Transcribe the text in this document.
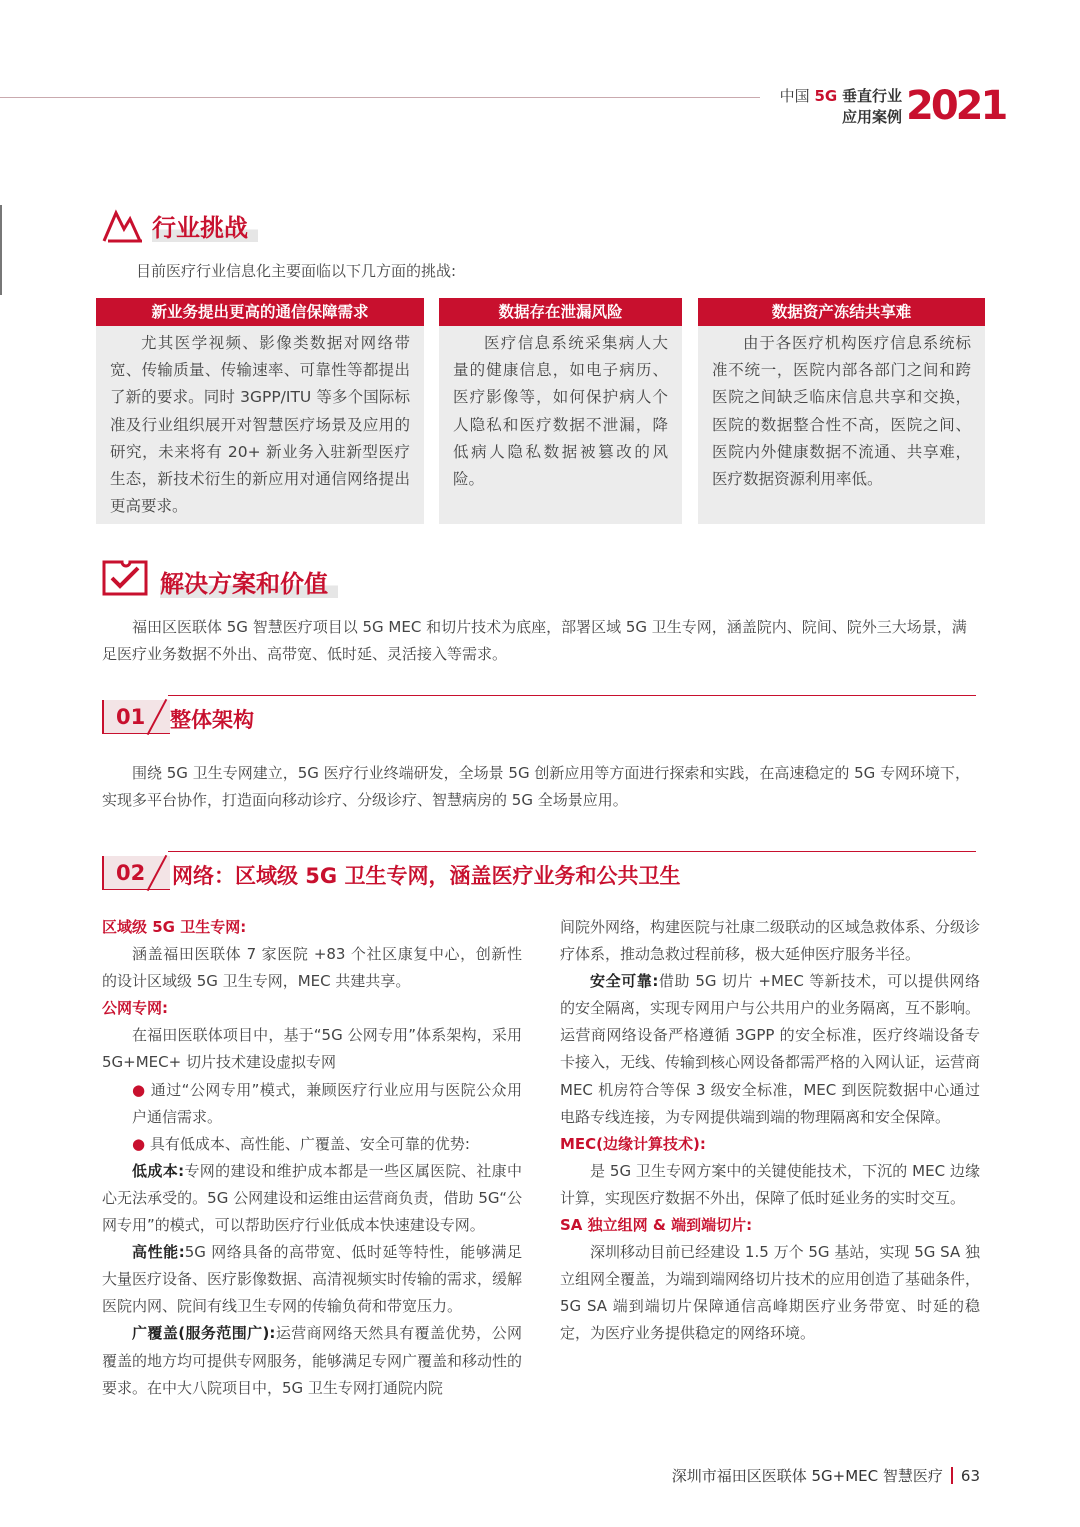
中国 5G 垂直行业
应用案例 2021
行业挑战
目前医疗行业信息化主要面临以下几方面的挑战:
新业务提出更高的通信保障需求
尤其医学视频、影像类数据对网络带宽、传输质量、传输速率、可靠性等都提出了新的要求。同时 3GPP/ITU 等多个国际标准及行业组织展开对智慧医疗场景及应用的研究，未来将有 20+ 新业务入驻新型医疗生态，新技术衍生的新应用对通信网络提出更高要求。
数据存在泄漏风险
医疗信息系统采集病人大量的健康信息，如电子病历、医疗影像等，如何保护病人个人隐私和医疗数据不泄漏，降低病人隐私数据被篡改的风险。
数据资产冻结共享难
由于各医疗机构医疗信息系统标准不统一，医院内部各部门之间和跨医院之间缺乏临床信息共享和交换，医院的数据整合性不高，医院之间、医院内外健康数据不流通、共享难，医疗数据资源利用率低。
解决方案和价值
福田区医联体 5G 智慧医疗项目以 5G MEC 和切片技术为底座，部署区域 5G 卫生专网，涵盖院内、院间、院外三大场景，满足医疗业务数据不外出、高带宽、低时延、灵活接入等需求。
01	整体架构
围绕 5G 卫生专网建立，5G 医疗行业终端研发，全场景 5G 创新应用等方面进行探索和实践，在高速稳定的 5G 专网环境下，实现多平台协作，打造面向移动诊疗、分级诊疗、智慧病房的 5G 全场景应用。
02	网络：区域级 5G 卫生专网，涵盖医疗业务和公共卫生

区域级 5G 卫生专网:

涵盖福田医联体 7 家医院 +83 个社区康复中心，创新性的设计区域级 5G 卫生专网，MEC 共建共享。

公网专网:

在福田医联体项目中，基于“5G 公网专用”体系架构，采用 5G+MEC+ 切片技术建设虚拟专网

● 通过“公网专用”模式，兼顾医疗行业应用与医院公众用户通信需求。

● 具有低成本、高性能、广覆盖、安全可靠的优势:

低成本:专网的建设和维护成本都是一些区属医院、社康中心无法承受的。5G 公网建设和运维由运营商负责，借助 5G“公网专用”的模式，可以帮助医疗行业低成本快速建设专网。

高性能:5G 网络具备的高带宽、低时延等特性，能够满足大量医疗设备、医疗影像数据、高清视频实时传输的需求，缓解医院内网、院间有线卫生专网的传输负荷和带宽压力。

广覆盖(服务范围广):运营商网络天然具有覆盖优势，公网覆盖的地方均可提供专网服务，能够满足专网广覆盖和移动性的要求。在中大八院项目中，5G 卫生专网打通院内院

间院外网络，构建医院与社康二级联动的区域急救体系、分级诊疗体系，推动急救过程前移，极大延伸医疗服务半径。

安全可靠:借助 5G 切片 +MEC 等新技术，可以提供网络的安全隔离，实现专网用户与公共用户的业务隔离，互不影响。运营商网络设备严格遵循 3GPP 的安全标准，医疗终端设备专卡接入，无线、传输到核心网设备都需严格的入网认证，运营商 MEC 机房符合等保 3 级安全标准，MEC 到医院数据中心通过电路专线连接，为专网提供端到端的物理隔离和安全保障。

MEC(边缘计算技术):

是 5G 卫生专网方案中的关键使能技术，下沉的 MEC 边缘计算，实现医疗数据不外出，保障了低时延业务的实时交互。

SA 独立组网 & 端到端切片:

深圳移动目前已经建设 1.5 万个 5G 基站，实现 5G SA 独立组网全覆盖，为端到端网络切片技术的应用创造了基础条件，5G SA 端到端切片保障通信高峰期医疗业务带宽、时延的稳定，为医疗业务提供稳定的网络环境。

深圳市福田区医联体 5G+MEC 智慧医疗 63
